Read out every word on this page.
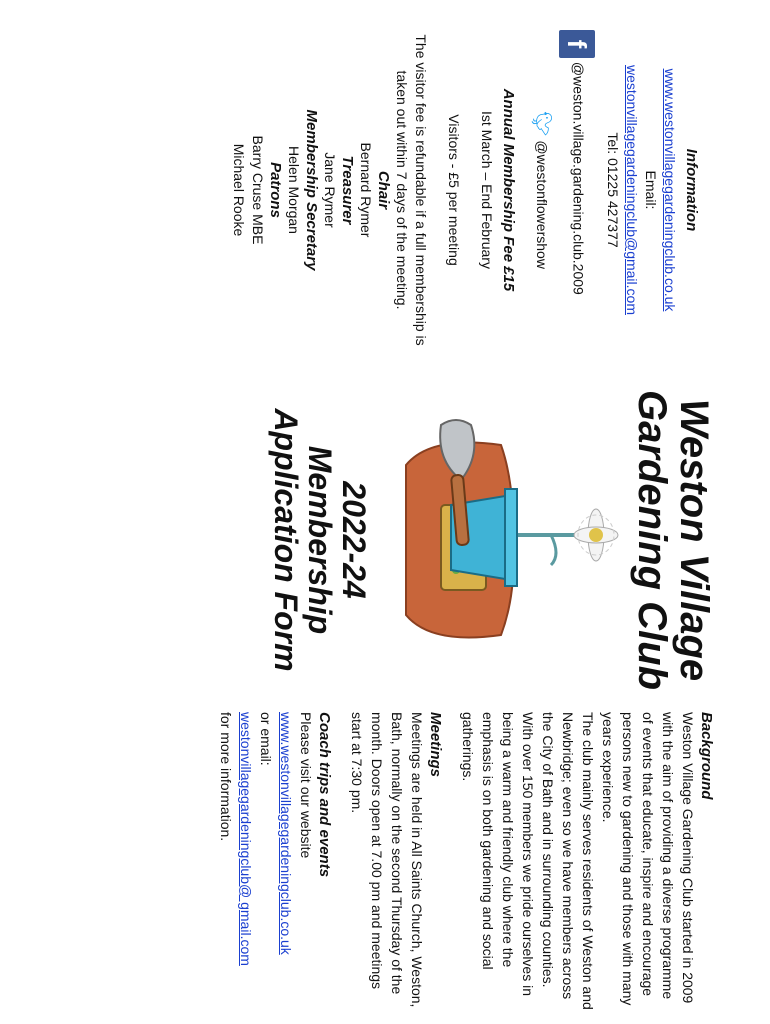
Information
www.westonvillagegardeningclub.co.uk
Email:
westonvillagegardeningclub@gmail.com
Tel: 01225 427377
f @weston.village.gardening.club.2009
🐦︎ @westonflowershow
Annual Membership Fee £15
Ist March – End February
Visitors - £5 per meeting
The visitor fee is refundable if a full membership is taken out within 7 days of the meeting.
Chair
Bernard Rymer
Treasurer
Jane Rymer
Membership Secretary
Helen Morgan
Patrons
Barry Cruse MBE
Michael Rooke
Weston Village Gardening Club
2022-24
Membership
Application Form
Background

Weston Village Gardening Club started in 2009 with the aim of providing a diverse programme of events that educate, inspire and encourage persons new to gardening and those with many years experience.

The club mainly serves residents of Weston and Newbridge; even so we have members across the City of Bath and in surrounding counties.

With over 150 members we pride ourselves in being a warm and friendly club where the emphasis is on both gardening and social gatherings.

Meetings

Meetings are held in All Saints Church, Weston, Bath, normally on the second Thursday of the month. Doors open at 7.00 pm and meetings start at 7:30 pm.

Coach trips and events

Please visit our website

www.westonvillagegardeningclub.co.uk

or email:

westonvillagegardeningclub@ gmail.com

for more information.
